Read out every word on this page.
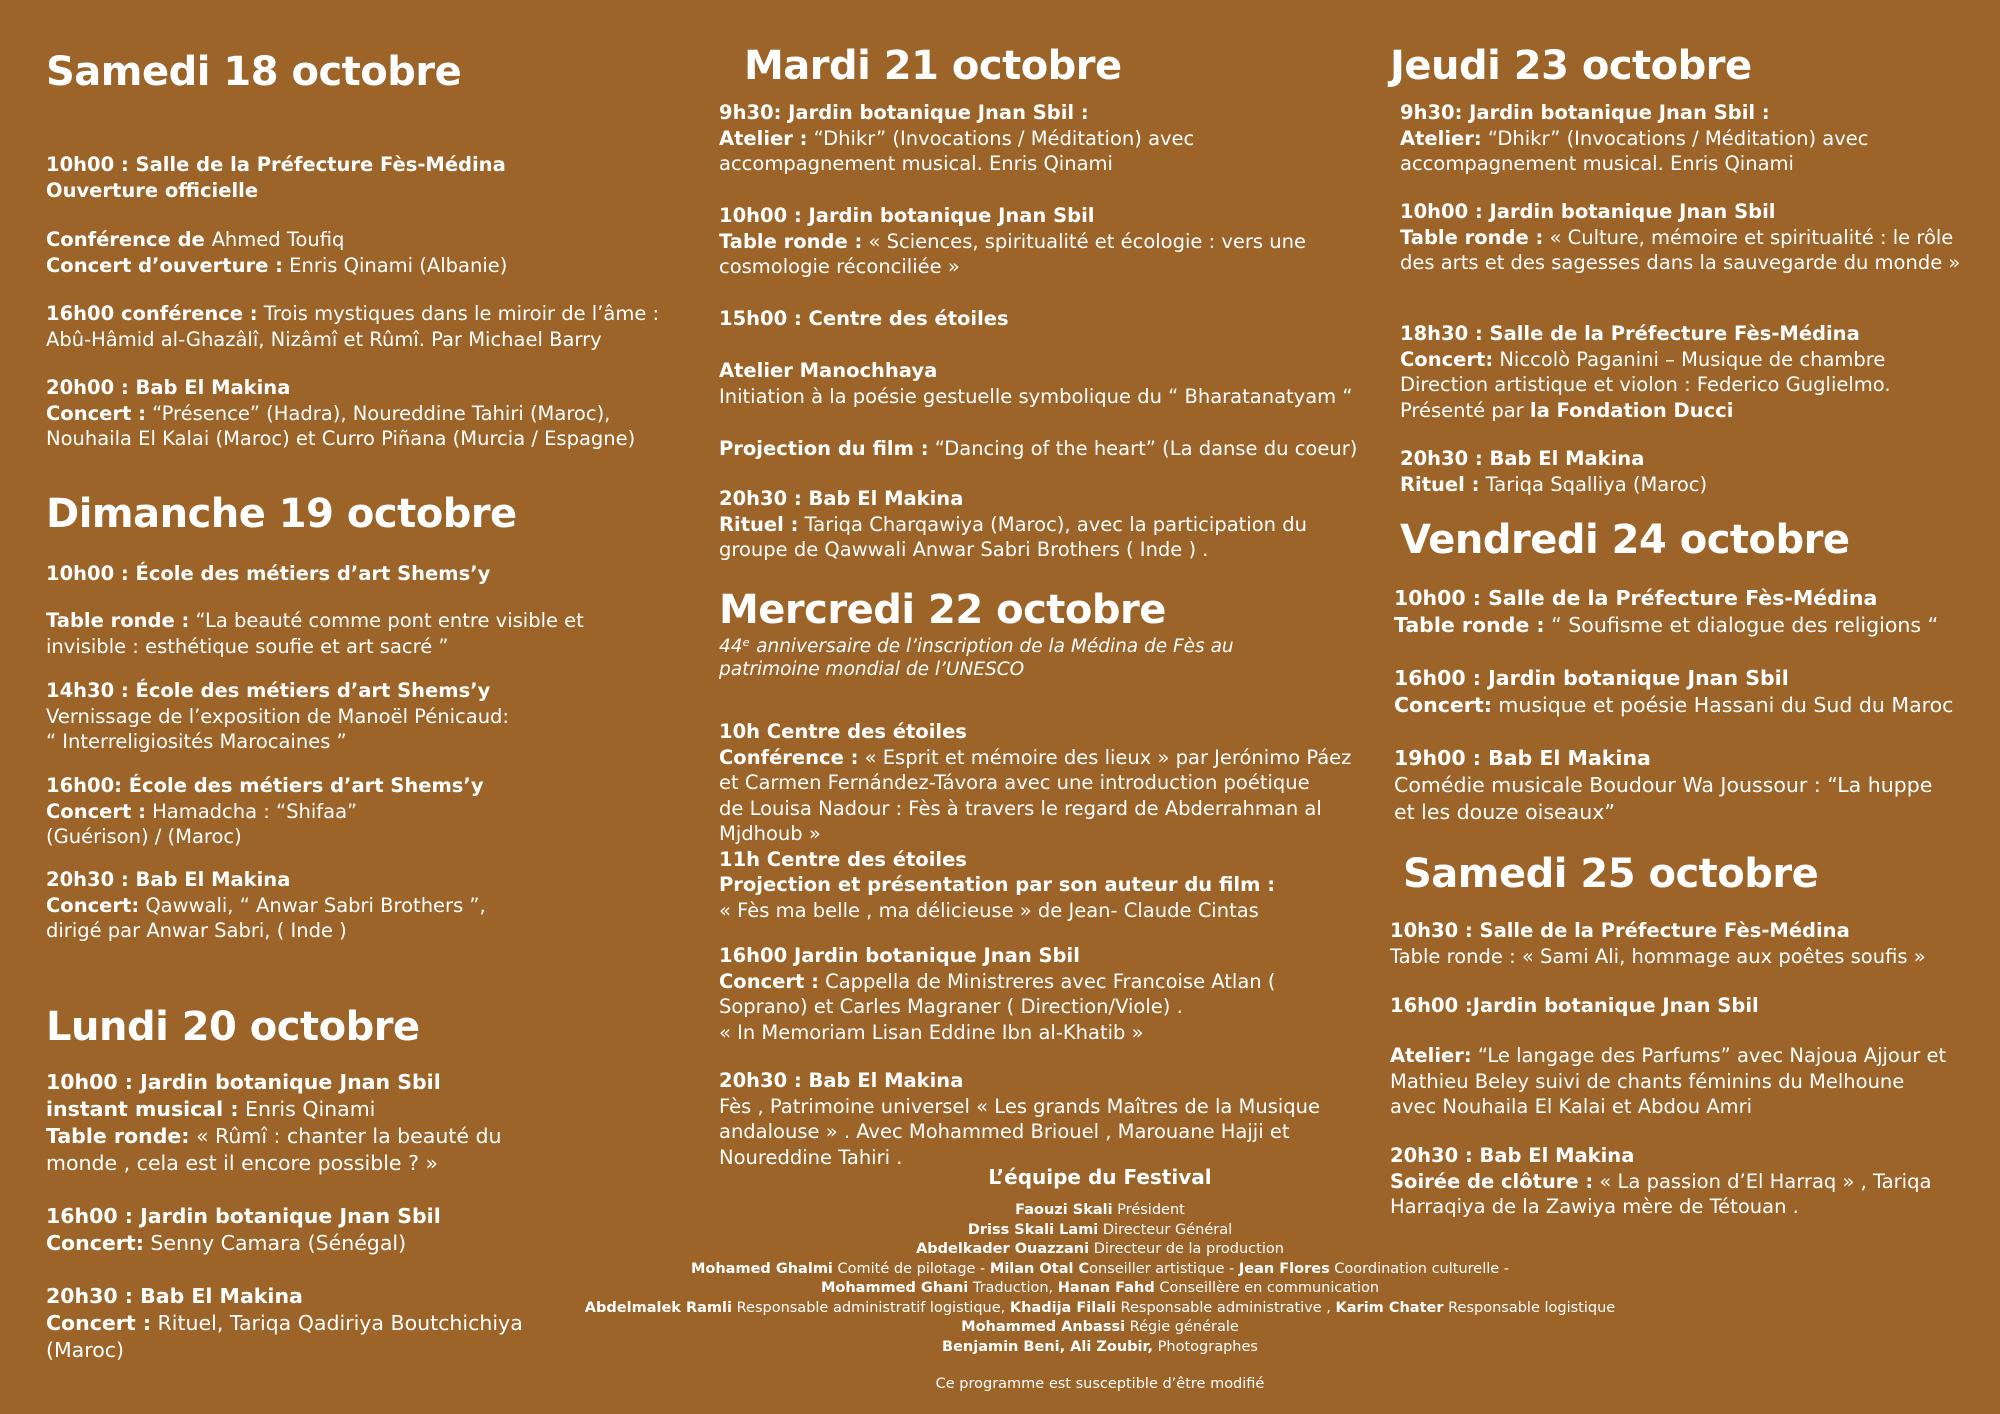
Samedi 18 octobre
10h00 : Salle de la Préfecture Fès-Médina
Ouverture officielle
Conférence de Ahmed Toufiq
Concert d’ouverture : Enris Qinami (Albanie)
16h00 conférence : Trois mystiques dans le miroir de l’âme :
Abû-Hâmid al-Ghazâlî, Nizâmî et Rûmî. Par Michael Barry
20h00 : Bab El Makina
Concert : “Présence” (Hadra), Noureddine Tahiri (Maroc),
Nouhaila El Kalai (Maroc) et Curro Piñana (Murcia / Espagne)
Dimanche 19 octobre
10h00 : École des métiers d’art Shems’y
Table ronde : “La beauté comme pont entre visible et
invisible : esthétique soufie et art sacré ”
14h30 : École des métiers d’art Shems’y
Vernissage de l’exposition de Manoël Pénicaud:
“ Interreligiosités Marocaines ”
16h00: École des métiers d’art Shems’y
Concert : Hamadcha : “Shifaa”
(Guérison) / (Maroc)
20h30 : Bab El Makina
Concert: Qawwali, “ Anwar Sabri Brothers ”,
dirigé par Anwar Sabri, ( Inde )
Lundi 20 octobre
10h00 : Jardin botanique Jnan Sbil
instant musical : Enris Qinami
Table ronde: « Rûmî : chanter la beauté du
monde , cela est il encore possible ? »
16h00 : Jardin botanique Jnan Sbil
Concert: Senny Camara (Sénégal)
20h30 : Bab El Makina
Concert : Rituel, Tariqa Qadiriya Boutchichiya
(Maroc)
Mardi 21 octobre
9h30: Jardin botanique Jnan Sbil :
Atelier : “Dhikr” (Invocations / Méditation) avec
accompagnement musical. Enris Qinami
10h00 : Jardin botanique Jnan Sbil
Table ronde : « Sciences, spiritualité et écologie : vers une
cosmologie réconciliée »
15h00 : Centre des étoiles
Atelier Manochhaya
Initiation à la poésie gestuelle symbolique du “ Bharatanatyam “
Projection du film : “Dancing of the heart” (La danse du coeur)
20h30 : Bab El Makina
Rituel : Tariqa Charqawiya (Maroc), avec la participation du
groupe de Qawwali Anwar Sabri Brothers ( Inde ) .
Mercredi 22 octobre
44ᵉ anniversaire de l’inscription de la Médina de Fès au
patrimoine mondial de l’UNESCO
10h Centre des étoiles
Conférence : « Esprit et mémoire des lieux » par Jerónimo Páez
et Carmen Fernández-Távora avec une introduction poétique
de Louisa Nadour : Fès à travers le regard de Abderrahman al
Mjdhoub »
11h Centre des étoiles
Projection et présentation par son auteur du film :
« Fès ma belle , ma délicieuse » de Jean- Claude Cintas
16h00 Jardin botanique Jnan Sbil
Concert : Cappella de Ministreres avec Francoise Atlan (
Soprano) et Carles Magraner ( Direction/Viole) .
« In Memoriam Lisan Eddine Ibn al-Khatib »
20h30 : Bab El Makina
Fès , Patrimoine universel « Les grands Maîtres de la Musique
andalouse » . Avec Mohammed Briouel , Marouane Hajji et
Noureddine Tahiri .
L’équipe du Festival
Faouzi Skali Président
Driss Skali Lami Directeur Général
Abdelkader Ouazzani Directeur de la production
Mohamed Ghalmi Comité de pilotage - Milan Otal Conseiller artistique - Jean Flores Coordination culturelle -
Mohammed Ghani Traduction, Hanan Fahd Conseillère en communication
Abdelmalek Ramli Responsable administratif logistique, Khadija Filali Responsable administrative , Karim Chater Responsable logistique
Mohammed Anbassi Régie générale
Benjamin Beni, Ali Zoubir, Photographes
Ce programme est susceptible d’être modifié
Jeudi 23 octobre
9h30: Jardin botanique Jnan Sbil :
Atelier: “Dhikr” (Invocations / Méditation) avec
accompagnement musical. Enris Qinami
10h00 : Jardin botanique Jnan Sbil
Table ronde : « Culture, mémoire et spiritualité : le rôle
des arts et des sagesses dans la sauvegarde du monde »
18h30 : Salle de la Préfecture Fès-Médina
Concert: Niccolò Paganini – Musique de chambre
Direction artistique et violon : Federico Guglielmo.
Présenté par la Fondation Ducci
20h30 : Bab El Makina
Rituel : Tariqa Sqalliya (Maroc)
Vendredi 24 octobre
10h00 : Salle de la Préfecture Fès-Médina
Table ronde : “ Soufisme et dialogue des religions “
16h00 : Jardin botanique Jnan Sbil
Concert: musique et poésie Hassani du Sud du Maroc
19h00 : Bab El Makina
Comédie musicale Boudour Wa Joussour : “La huppe
et les douze oiseaux”
Samedi 25 octobre
10h30 : Salle de la Préfecture Fès-Médina
Table ronde : « Sami Ali, hommage aux poêtes soufis »
16h00 :Jardin botanique Jnan Sbil
Atelier: “Le langage des Parfums” avec Najoua Ajjour et
Mathieu Beley suivi de chants féminins du Melhoune
avec Nouhaila El Kalai et Abdou Amri
20h30 : Bab El Makina
Soirée de clôture : « La passion d’El Harraq » , Tariqa
Harraqiya de la Zawiya mère de Tétouan .
